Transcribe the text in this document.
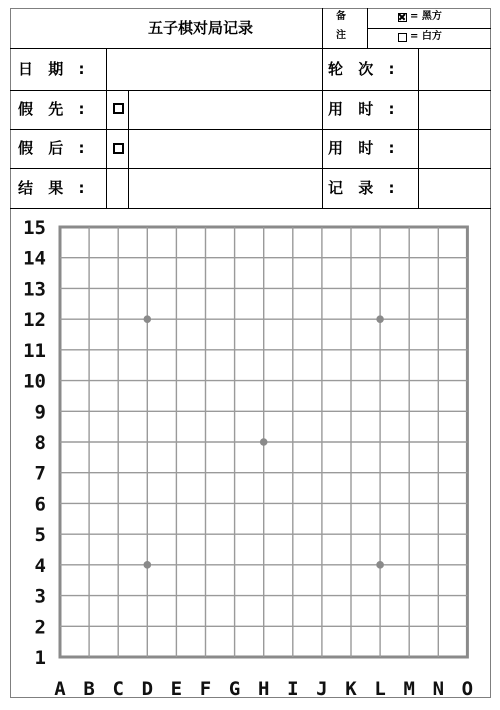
五子棋对局记录
备
注
= 黑方
= 白方
日 期 :	轮 次 :
假 先 :	用 时 :
假 后 :	用 时 :
结 果 :	记 录 :
15
14
13
12
11
10
9
8
7
6
5
4
3
2
1
A B C D E F G H I J K L M N O
